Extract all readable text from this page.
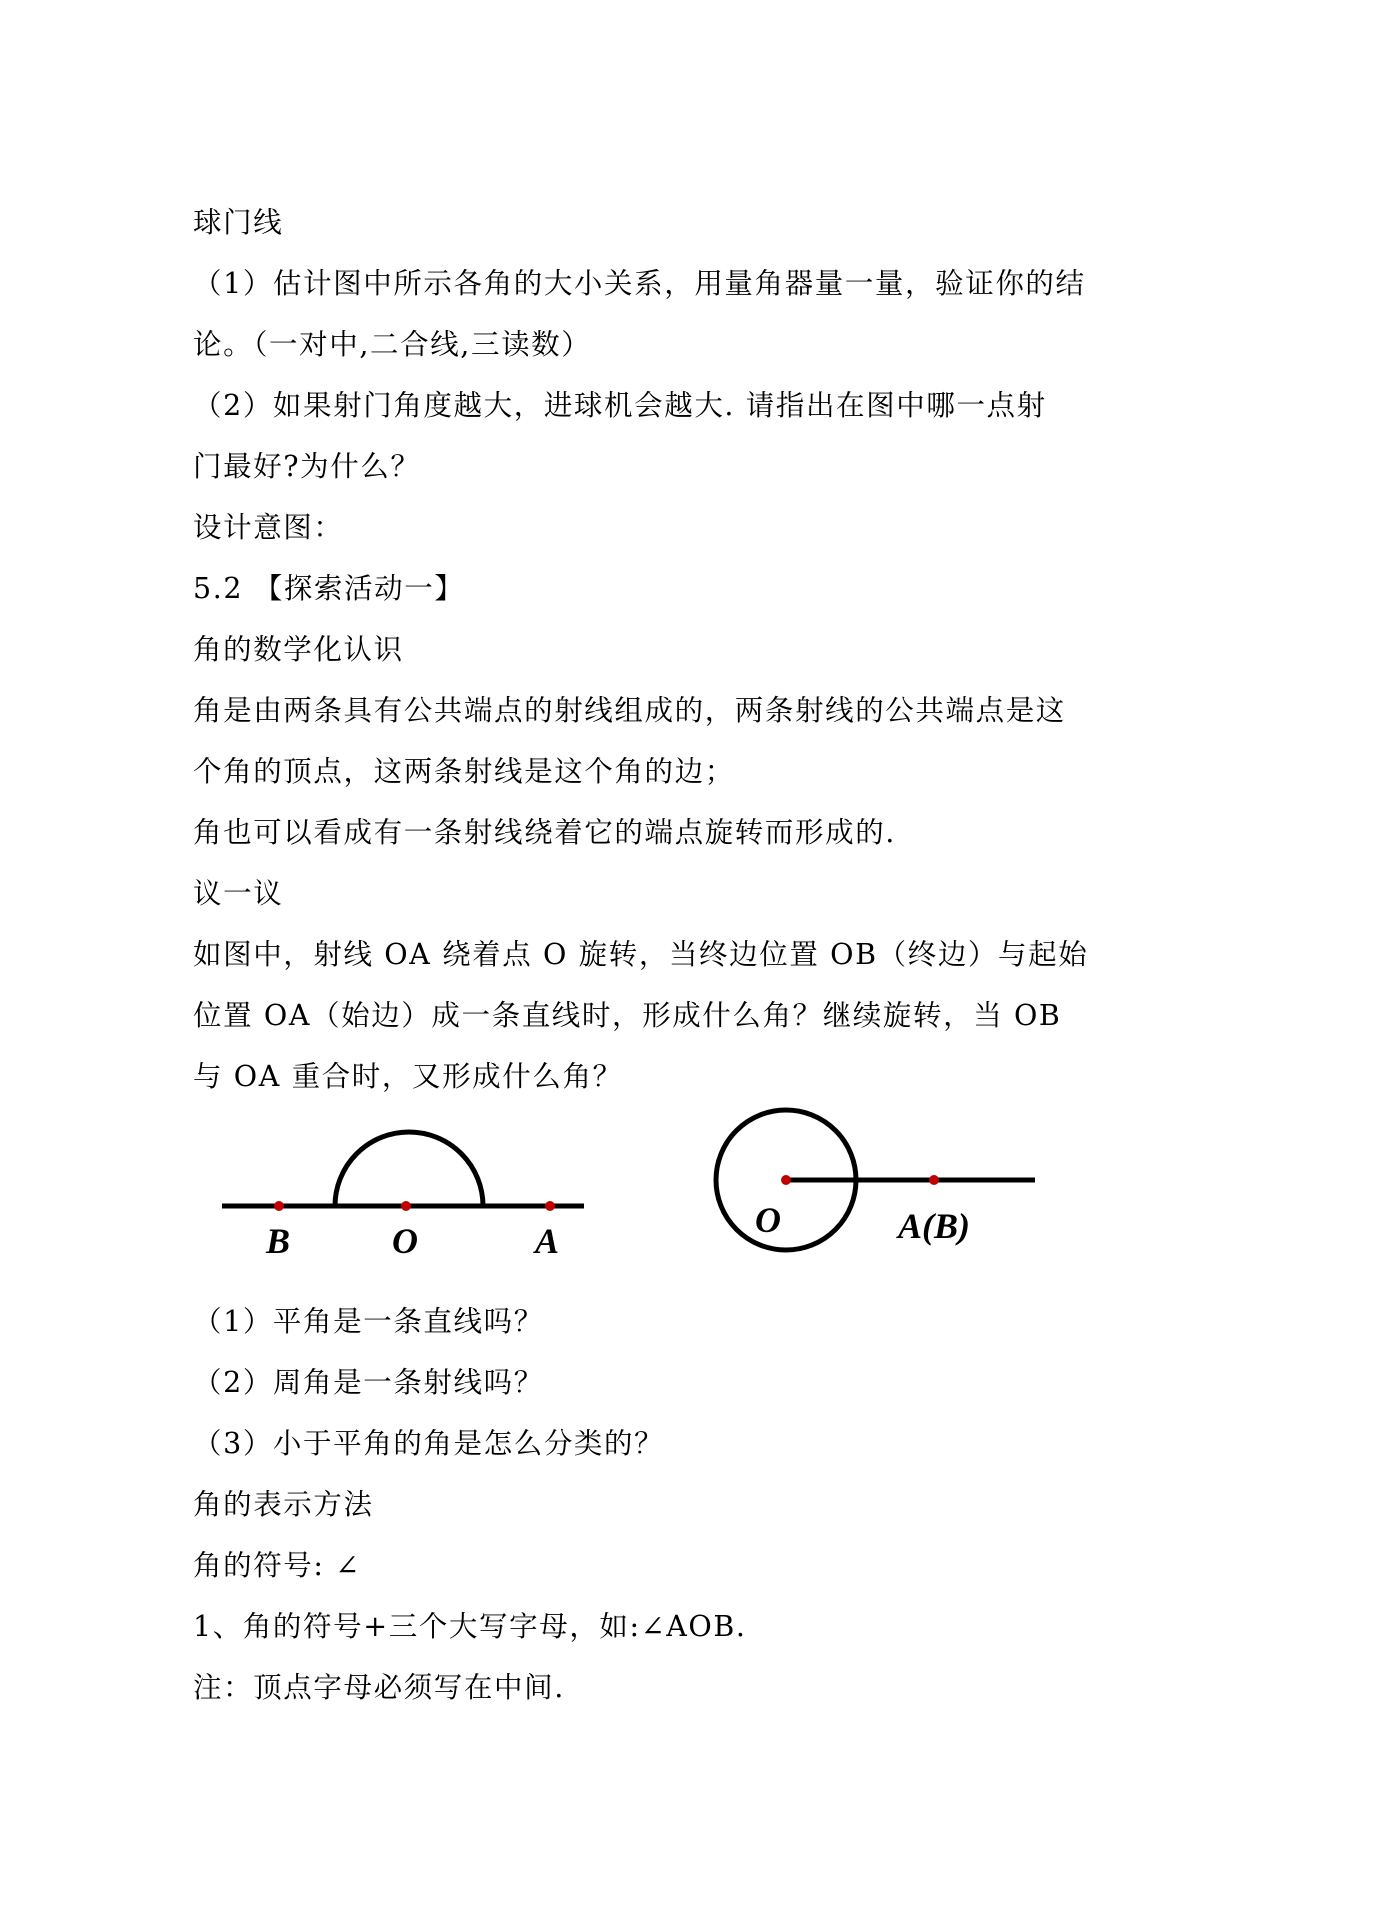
球门线
（1）估计图中所示各角的大小关系，用量角器量一量，验证你的结
论。（一对中,二合线,三读数）
（2）如果射门角度越大，进球机会越大. 请指出在图中哪一点射
门最好?为什么？
设计意图：
5.2 【探索活动一】
角的数学化认识
角是由两条具有公共端点的射线组成的，两条射线的公共端点是这
个角的顶点，这两条射线是这个角的边；
角也可以看成有一条射线绕着它的端点旋转而形成的.
议一议
如图中，射线 OA 绕着点 O 旋转，当终边位置 OB（终边）与起始
位置 OA（始边）成一条直线时，形成什么角？继续旋转，当 OB
与 OA 重合时，又形成什么角？
B	O	A
O	A(B)
（1）平角是一条直线吗？
（2）周角是一条射线吗？
（3）小于平角的角是怎么分类的？
角的表示方法
角的符号: ∠
1、角的符号+三个大写字母，如:∠AOB.
注：顶点字母必须写在中间.
